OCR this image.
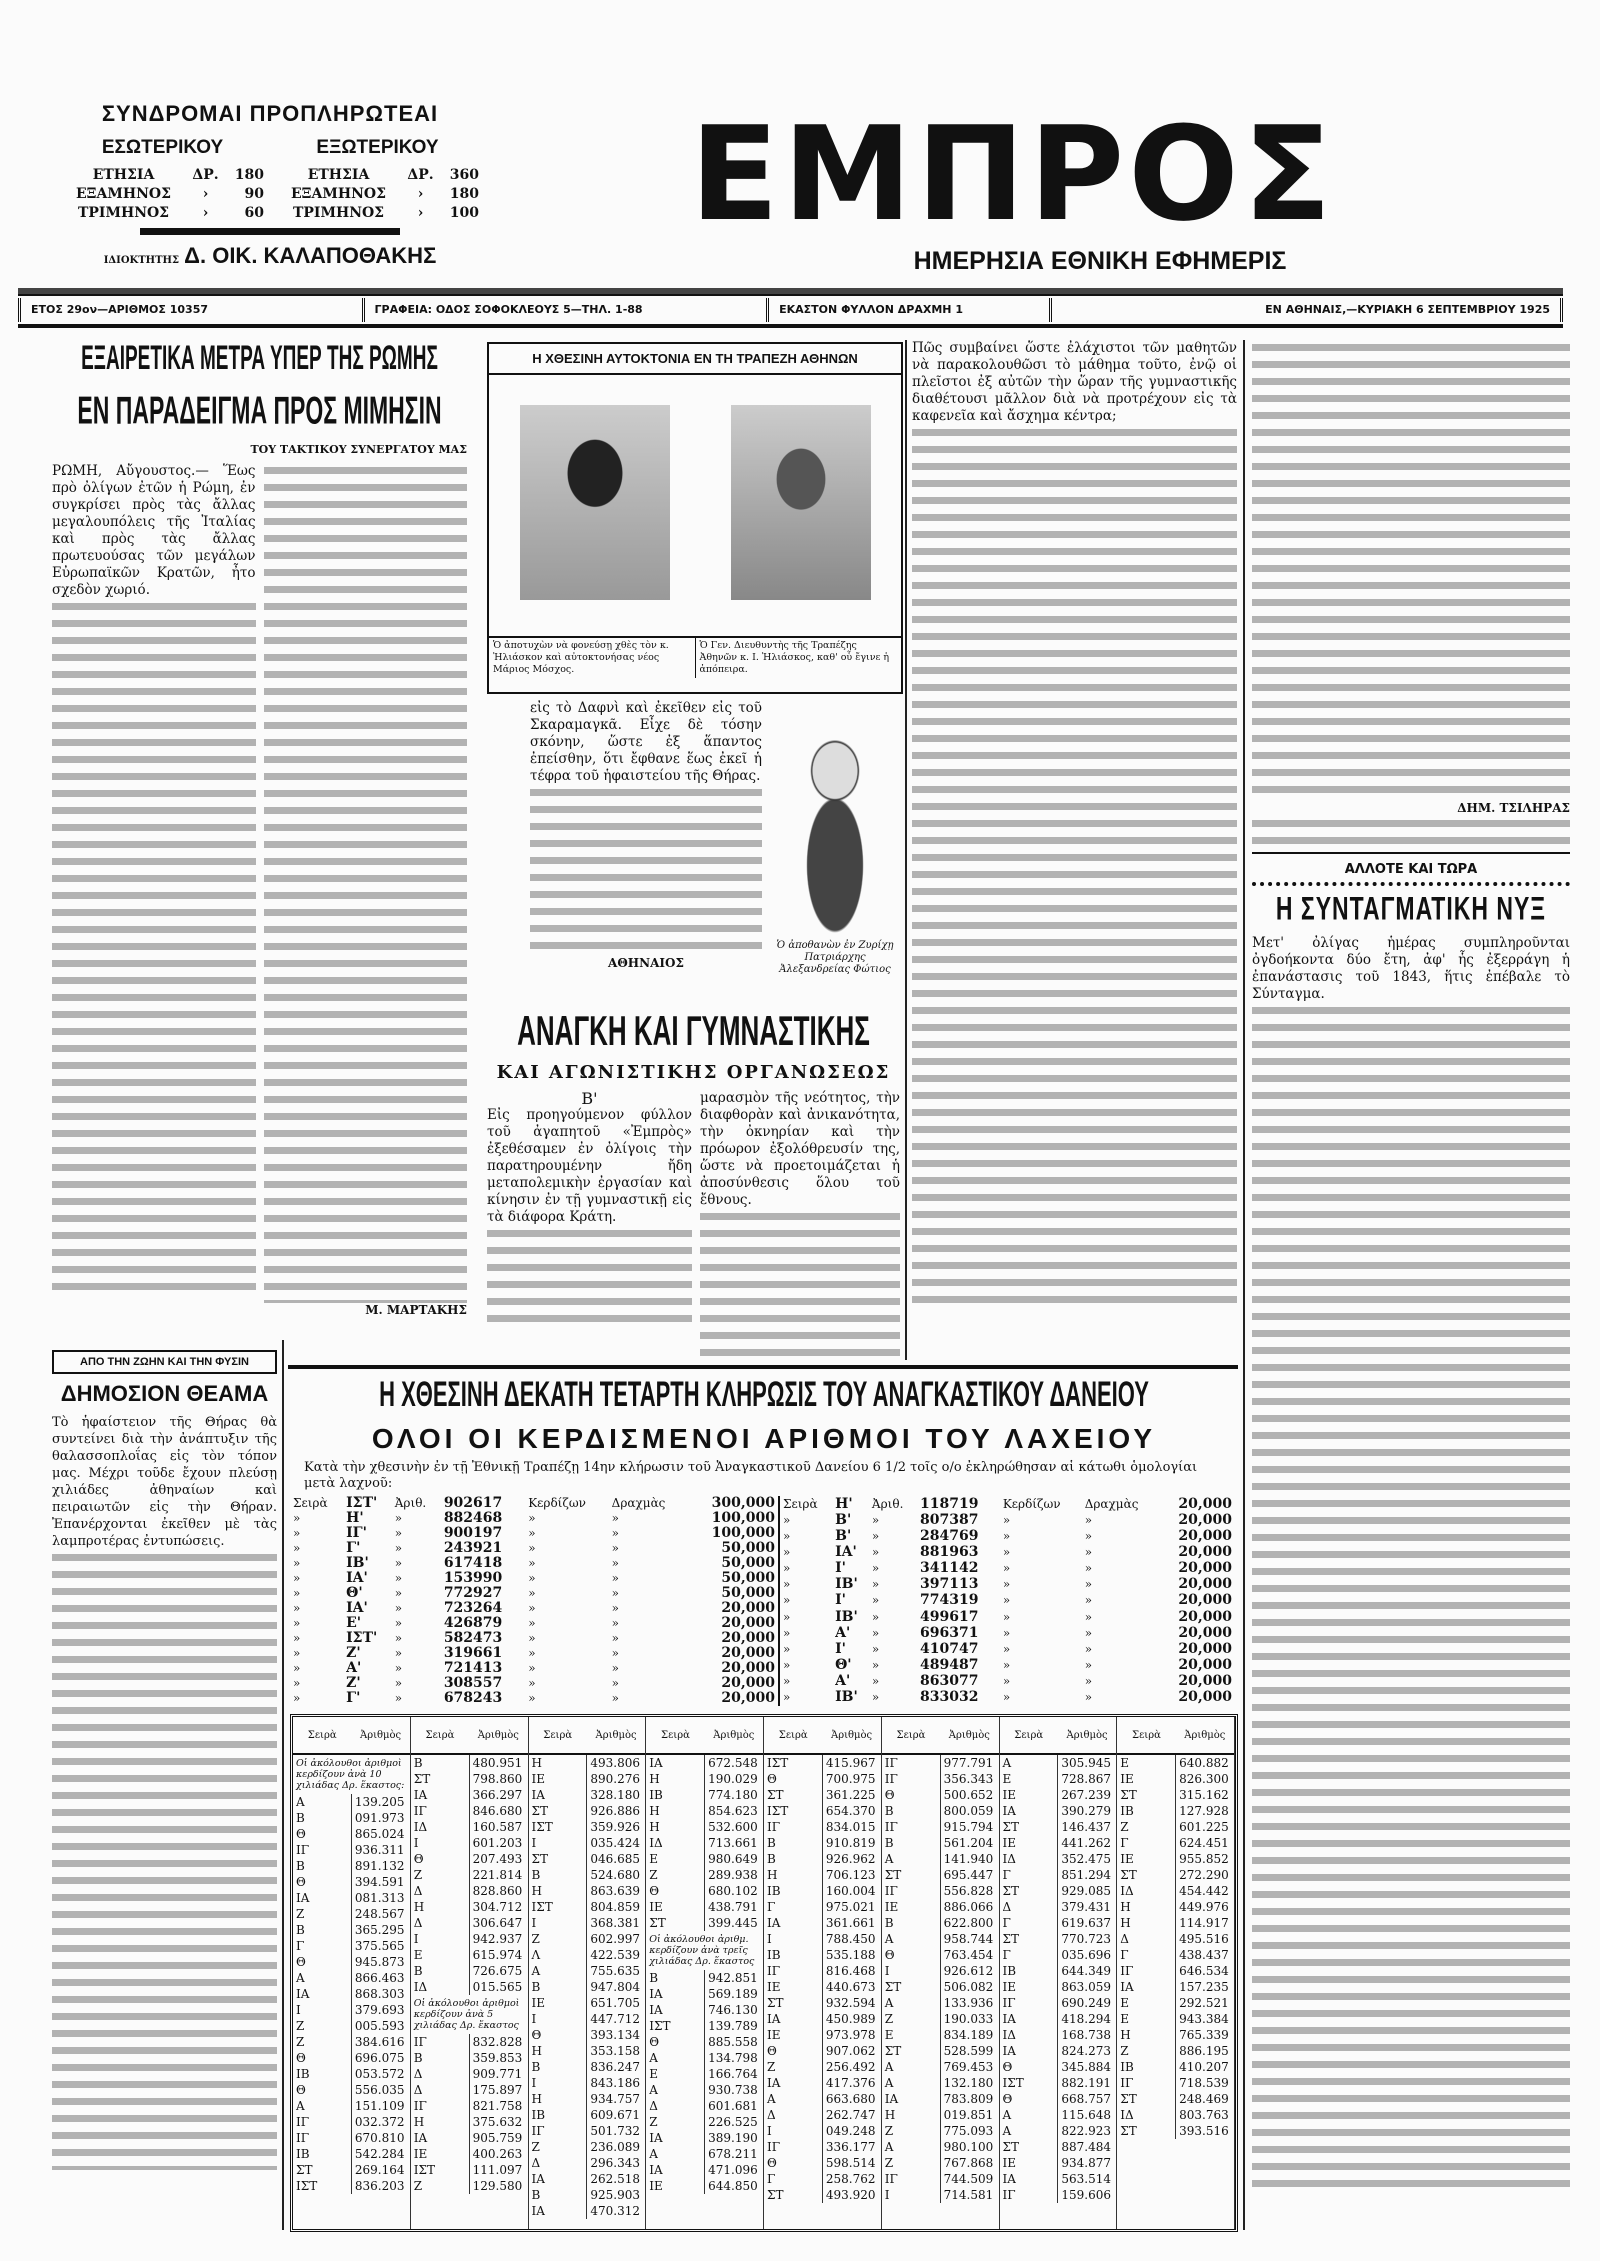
ΣΥΝΔΡΟΜΑΙ ΠΡΟΠΛΗΡΩΤΕΑΙ
ΕΣΩΤΕΡΙΚΟΥ
ΕΤΗΣΙΑ	ΔΡ.	180
ΕΞΑΜΗΝΟΣ	›	90
ΤΡΙΜΗΝΟΣ	›	60
ΕΞΩΤΕΡΙΚΟΥ
ΕΤΗΣΙΑ	ΔΡ.	360
ΕΞΑΜΗΝΟΣ	›	180
ΤΡΙΜΗΝΟΣ	›	100
ΙΔΙΟΚΤΗΤΗΣ Δ. ΟΙΚ. ΚΑΛΑΠΟΘΑΚΗΣ
ΕΜΠΡΟΣ
ΗΜΕΡΗΣΙΑ ΕΘΝΙΚΗ ΕΦΗΜΕΡΙΣ
ΕΤΟΣ 29ον—ΑΡΙΘΜΟΣ 10357	ΓΡΑΦΕΙΑ: ΟΔΟΣ ΣΟΦΟΚΛΕΟΥΣ 5—ΤΗΛ. 1-88	ΕΚΑΣΤΟΝ ΦΥΛΛΟΝ ΔΡΑΧΜΗ 1	ΕΝ ΑΘΗΝΑΙΣ,—ΚΥΡΙΑΚΗ 6 ΣΕΠΤΕΜΒΡΙΟΥ 1925
ΕΞΑΙΡΕΤΙΚΑ ΜΕΤΡΑ ΥΠΕΡ ΤΗΣ ΡΩΜΗΣ
ΕΝ ΠΑΡΑΔΕΙΓΜΑ ΠΡΟΣ ΜΙΜΗΣΙΝ
ΤΟΥ ΤΑΚΤΙΚΟΥ ΣΥΝΕΡΓΑΤΟΥ ΜΑΣ
ΡΩΜΗ, Αὔγουστος.— Ἕως πρὸ ὀλίγων ἐτῶν ἡ Ρώμη, ἐν συγκρίσει πρὸς τὰς ἄλλας μεγαλουπόλεις τῆς Ἰταλίας καὶ πρὸς τὰς ἄλλας πρωτευούσας τῶν μεγάλων Εὐρωπαϊκῶν Κρατῶν, ἦτο σχεδὸν χωριό.
Μ. ΜΑΡΤΑΚΗΣ
Η ΧΘΕΣΙΝΗ ΑΥΤΟΚΤΟΝΙΑ ΕΝ ΤΗ ΤΡΑΠΕΖΗ ΑΘΗΝΩΝ
Ὁ ἀποτυχὼν νὰ φονεύσῃ χθὲς τὸν κ. Ἠλιάσκον καὶ αὐτοκτονήσας νέος Μάριος Μόσχος.
Ὁ Γεν. Διευθυντὴς τῆς Τραπέζης Ἀθηνῶν κ. Ι. Ἠλιάσκος, καθ' οὗ ἔγινε ἡ ἀπόπειρα.
εἰς τὸ Δαφνὶ καὶ ἐκεῖθεν εἰς τοῦ Σκαραμαγκᾶ. Εἶχε δὲ τόσην σκόνην, ὥστε ἐξ ἅπαντος ἐπείσθην, ὅτι ἔφθανε ἕως ἐκεῖ ἡ τέφρα τοῦ ἡφαιστείου τῆς Θήρας.
ΑΘΗΝΑΙΟΣ
Ὁ ἀποθανὼν ἐν Ζυρίχῃ Πατριάρχης Ἀλεξανδρείας Φώτιος
ΑΝΑΓΚΗ ΚΑΙ ΓΥΜΝΑΣΤΙΚΗΣ
ΚΑΙ ΑΓΩΝΙΣΤΙΚΗΣ ΟΡΓΑΝΩΣΕΩΣ
Β'
Εἰς προηγούμενον φύλλον τοῦ ἀγαπητοῦ «Ἐμπρὸς» ἐξεθέσαμεν ἐν ὀλίγοις τὴν παρατηρουμένην ἤδη μεταπολεμικὴν ἐργασίαν καὶ κίνησιν ἐν τῇ γυμναστικῇ εἰς τὰ διάφορα Κράτη.
μαρασμὸν τῆς νεότητος, τὴν διαφθορὰν καὶ ἀνικανότητα, τὴν ὀκνηρίαν καὶ τὴν πρόωρον ἐξολόθρευσίν της, ὥστε νὰ προετοιμάζεται ἡ ἀποσύνθεσις ὅλου τοῦ ἔθνους.
Πῶς συμβαίνει ὥστε ἐλάχιστοι τῶν μαθητῶν νὰ παρακολουθῶσι τὸ μάθημα τοῦτο, ἐνῷ οἱ πλεῖστοι ἐξ αὐτῶν τὴν ὥραν τῆς γυμναστικῆς διαθέτουσι μᾶλλον διὰ νὰ προτρέχουν εἰς τὰ καφενεῖα καὶ ἄσχημα κέντρα;
ΔΗΜ. ΤΣΙΛΗΡΑΣ
ΑΛΛΟΤΕ ΚΑΙ ΤΩΡΑ
Η ΣΥΝΤΑΓΜΑΤΙΚΗ ΝΥΞ
Μετ' ὀλίγας ἡμέρας συμπληροῦνται ὀγδοήκοντα δύο ἔτη, ἀφ' ἧς ἐξερράγη ἡ ἐπανάστασις τοῦ 1843, ἥτις ἐπέβαλε τὸ Σύνταγμα.
ΑΠΟ ΤΗΝ ΖΩΗΝ ΚΑΙ ΤΗΝ ΦΥΣΙΝ
ΔΗΜΟΣΙΟΝ ΘΕΑΜΑ
Τὸ ἡφαίστειον τῆς Θήρας θὰ συντείνει διὰ τὴν ἀνάπτυξιν τῆς θαλασσοπλοΐας εἰς τὸν τόπον μας. Μέχρι τοῦδε ἔχουν πλεύσῃ χιλιάδες ἀθηναίων καὶ πειραιωτῶν εἰς τὴν Θήραν. Ἐπανέρχονται ἐκεῖθεν μὲ τὰς λαμπροτέρας ἐντυπώσεις.
Η ΧΘΕΣΙΝΗ ΔΕΚΑΤΗ ΤΕΤΑΡΤΗ ΚΛΗΡΩΣΙΣ ΤΟΥ ΑΝΑΓΚΑΣΤΙΚΟΥ ΔΑΝΕΙΟΥ
ΟΛΟΙ ΟΙ ΚΕΡΔΙΣΜΕΝΟΙ ΑΡΙΘΜΟΙ ΤΟΥ ΛΑΧΕΙΟΥ
Κατὰ τὴν χθεσινὴν ἐν τῇ Ἐθνικῇ Τραπέζῃ 14ην κλήρωσιν τοῦ Ἀναγκαστικοῦ Δανείου 6 1/2 τοῖς ο/ο ἐκληρώθησαν αἱ κάτωθι ὁμολογίαι μετὰ λαχνοῦ:
Σειρὰ	ΙΣΤ'	Ἀριθ.	902617	Κερδίζων	Δραχμὰς	300,000
»	Η'	»	882468	»	»	100,000
»	ΙΓ'	»	900197	»	»	100,000
»	Γ'	»	243921	»	»	50,000
»	ΙΒ'	»	617418	»	»	50,000
»	ΙΑ'	»	153990	»	»	50,000
»	Θ'	»	772927	»	»	50,000
»	ΙΑ'	»	723264	»	»	20,000
»	Ε'	»	426879	»	»	20,000
»	ΙΣΤ'	»	582473	»	»	20,000
»	Ζ'	»	319661	»	»	20,000
»	Α'	»	721413	»	»	20,000
»	Ζ'	»	308557	»	»	20,000
»	Γ'	»	678243	»	»	20,000
Σειρὰ	Η'	Ἀριθ.	118719	Κερδίζων	Δραχμὰς	20,000
»	Β'	»	807387	»	»	20,000
»	Β'	»	284769	»	»	20,000
»	ΙΑ'	»	881963	»	»	20,000
»	Ι'	»	341142	»	»	20,000
»	ΙΒ'	»	397113	»	»	20,000
»	Ι'	»	774319	»	»	20,000
»	ΙΒ'	»	499617	»	»	20,000
»	Α'	»	696371	»	»	20,000
»	Ι'	»	410747	»	»	20,000
»	Θ'	»	489487	»	»	20,000
»	Α'	»	863077	»	»	20,000
»	ΙΒ'	»	833032	»	»	20,000
Σειρὰ	Ἀριθμὸς
Οἱ ἀκόλουθοι ἀριθμοὶ κερδίζουν ἀνὰ 10 χιλιάδας Δρ. ἕκαστος:
Α	139.205
Β	091.973
Θ	865.024
ΙΓ	936.311
Β	891.132
Θ	394.591
ΙΑ	081.313
Ζ	248.567
Β	365.295
Γ	375.565
Θ	945.873
Α	866.463
ΙΑ	868.303
Ι	379.693
Ζ	005.593
Ζ	384.616
Θ	696.075
ΙΒ	053.572
Θ	556.035
Α	151.109
ΙΓ	032.372
ΙΓ	670.810
ΙΒ	542.284
ΣΤ	269.164
ΙΣΤ	836.203
Σειρὰ	Ἀριθμὸς
Β	480.951
ΣΤ	798.860
ΙΑ	366.297
ΙΓ	846.680
ΙΔ	160.587
Ι	601.203
Θ	207.493
Ζ	221.814
Δ	828.860
Η	304.712
Δ	306.647
Ι	942.937
Ε	615.974
Β	726.675
ΙΔ	015.565
Οἱ ἀκόλουθοι ἀριθμοὶ κερδίζουν ἀνὰ 5 χιλιάδας Δρ. ἕκαστος
ΙΓ	832.828
Β	359.853
Δ	909.771
Δ	175.897
ΙΓ	821.758
Η	375.632
ΙΑ	905.759
ΙΕ	400.263
ΙΣΤ	111.097
Ζ	129.580
Σειρὰ	Ἀριθμὸς
Η	493.806
ΙΕ	890.276
ΙΑ	328.180
ΣΤ	926.886
ΙΣΤ	359.926
Ι	035.424
ΣΤ	046.685
Β	524.680
Η	863.639
ΙΣΤ	804.859
Ι	368.381
Ζ	602.997
Λ	422.539
Α	755.635
Β	947.804
ΙΕ	651.705
Ι	447.712
Θ	393.134
Η	353.158
Β	836.247
Ι	843.186
Η	934.757
ΙΒ	609.671
ΙΓ	501.732
Ζ	236.089
Δ	296.343
ΙΑ	262.518
Β	925.903
ΙΑ	470.312
Σειρὰ	Ἀριθμὸς
ΙΑ	672.548
Η	190.029
ΙΒ	774.180
Η	854.623
Η	532.600
ΙΔ	713.661
Ε	980.649
Ζ	289.938
Θ	680.102
ΙΕ	438.791
ΣΤ	399.445
Οἱ ἀκόλουθοι ἀριθμ. κερδίζουν ἀνὰ τρεῖς χιλιάδας Δρ. ἕκαστος
Β	942.851
ΙΑ	569.189
ΙΑ	746.130
ΙΣΤ	139.789
Θ	885.558
Α	134.798
Ε	166.764
Α	930.738
Δ	601.681
Ζ	226.525
ΙΑ	389.190
Α	678.211
ΙΑ	471.096
ΙΕ	644.850
Σειρὰ	Ἀριθμὸς
ΙΣΤ	415.967
Θ	700.975
ΣΤ	361.225
ΙΣΤ	654.370
ΙΓ	834.015
Β	910.819
Β	926.962
Η	706.123
ΙΒ	160.004
Γ	975.021
ΙΑ	361.661
Ι	788.450
ΙΒ	535.188
ΙΓ	816.468
ΙΕ	440.673
ΣΤ	932.594
ΙΑ	450.989
ΙΕ	973.978
Θ	907.062
Ζ	256.492
ΙΑ	417.376
Α	663.680
Δ	262.747
Ι	049.248
ΙΓ	336.177
Θ	598.514
Γ	258.762
ΣΤ	493.920
Σειρὰ	Ἀριθμὸς
ΙΓ	977.791
ΙΓ	356.343
Θ	500.652
Β	800.059
ΙΓ	915.794
Β	561.204
Α	141.940
ΣΤ	695.447
ΙΓ	556.828
ΙΕ	886.066
Β	622.800
Α	958.744
Θ	763.454
Ι	926.612
ΣΤ	506.082
Α	133.936
Ζ	190.033
Ε	834.189
ΣΤ	528.599
Α	769.453
Α	132.180
ΙΑ	783.809
Η	019.851
Ζ	775.093
Α	980.100
Ζ	767.868
ΙΓ	744.509
Ι	714.581
Σειρὰ	Ἀριθμὸς
Α	305.945
Ε	728.867
ΙΕ	267.239
ΙΑ	390.279
ΣΤ	146.437
ΙΕ	441.262
ΙΔ	352.475
Γ	851.294
ΣΤ	929.085
Δ	379.431
Γ	619.637
ΣΤ	770.723
Γ	035.696
ΙΒ	644.349
ΙΕ	863.059
ΙΓ	690.249
ΙΑ	418.294
ΙΔ	168.738
ΙΑ	824.273
Θ	345.884
ΙΣΤ	882.191
Θ	668.757
Α	115.648
Α	822.923
ΣΤ	887.484
ΙΕ	934.877
ΙΑ	563.514
ΙΓ	159.606
Σειρὰ	Ἀριθμὸς
Ε	640.882
ΙΕ	826.300
ΣΤ	315.162
ΙΒ	127.928
Ζ	601.225
Γ	624.451
ΙΕ	955.852
ΣΤ	272.290
ΙΔ	454.442
Η	449.976
Η	114.917
Δ	495.516
Γ	438.437
ΙΓ	646.534
ΙΑ	157.235
Ε	292.521
Ε	943.384
Η	765.339
Ζ	886.195
ΙΒ	410.207
ΙΓ	718.539
ΣΤ	248.469
ΙΔ	803.763
ΣΤ	393.516
